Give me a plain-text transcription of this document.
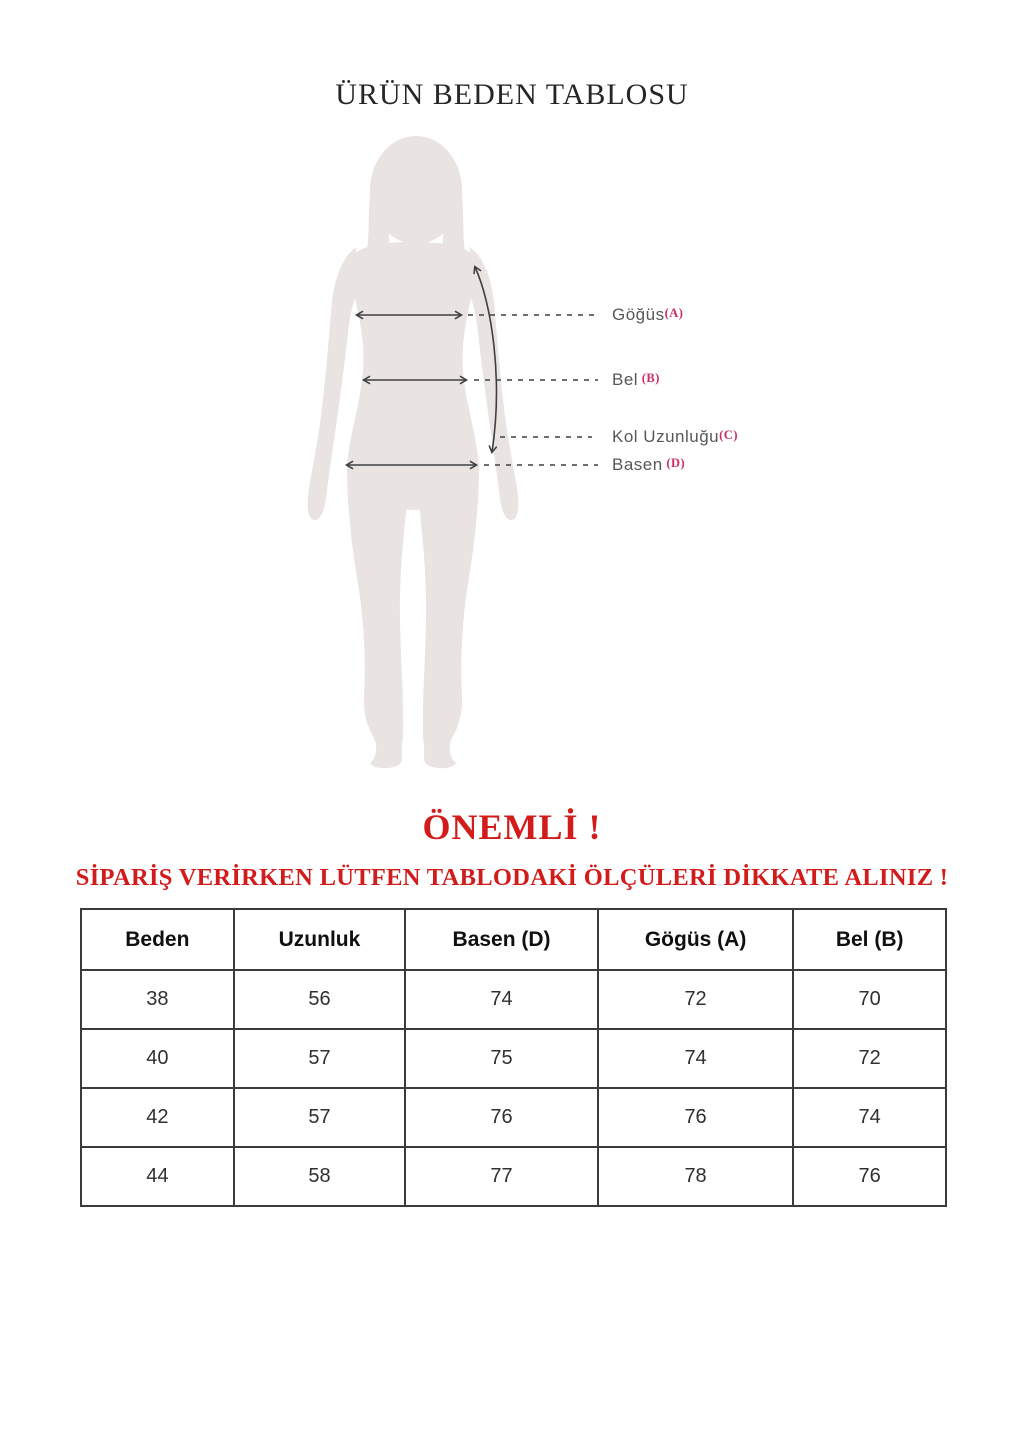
ÜRÜN BEDEN TABLOSU
Göğüs(A)
Bel (B)
Kol Uzunluğu(C)
Basen (D)
ÖNEMLİ !
SİPARİŞ VERİRKEN LÜTFEN TABLODAKİ ÖLÇÜLERİ DİKKATE ALINIZ !
Beden	Uzunluk	Basen (D)	Gögüs (A)	Bel (B)
38	56	74	72	70
40	57	75	74	72
42	57	76	76	74
44	58	77	78	76
